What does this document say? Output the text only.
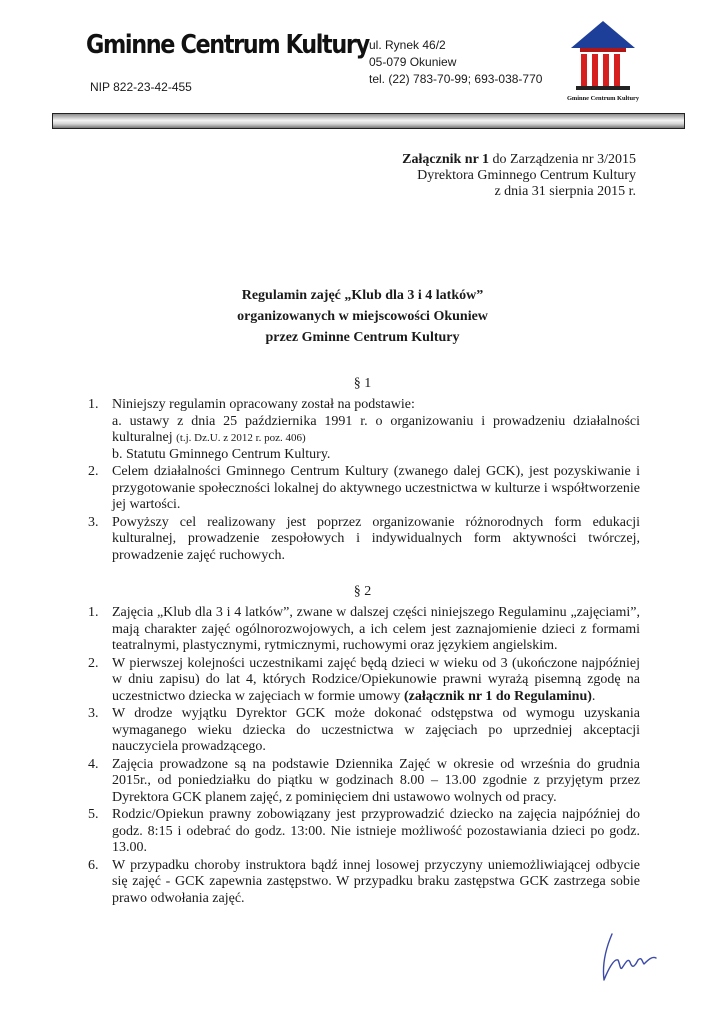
Gminne Centrum Kultury
NIP 822-23-42-455
ul. Rynek 46/2
05-079 Okuniew
tel. (22) 783-70-99; 693-038-770
Gminne Centrum Kultury
Załącznik nr 1 do Zarządzenia nr 3/2015
Dyrektora Gminnego Centrum Kultury
z dnia 31 sierpnia 2015 r.
Regulamin zajęć „Klub dla 3 i 4 latków”
organizowanych w miejscowości Okuniew
przez Gminne Centrum Kultury
§ 1
1. Niniejszy regulamin opracowany został na podstawie:

a. ustawy z dnia 25 października 1991 r. o organizowaniu i prowadzeniu działalności kulturalnej (t.j. Dz.U. z 2012 r. poz. 406)

b. Statutu Gminnego Centrum Kultury.

2. Celem działalności Gminnego Centrum Kultury (zwanego dalej GCK), jest pozyskiwanie i przygotowanie społeczności lokalnej do aktywnego uczestnictwa w kulturze i współtworzenie jej wartości.
3. Powyższy cel realizowany jest poprzez organizowanie różnorodnych form edukacji kulturalnej, prowadzenie zespołowych i indywidualnych form aktywności twórczej, prowadzenie zajęć ruchowych.
§ 2
1. Zajęcia „Klub dla 3 i 4 latków”, zwane w dalszej części niniejszego Regulaminu „zajęciami”, mają charakter zajęć ogólnorozwojowych, a ich celem jest zaznajomienie dzieci z formami teatralnymi, plastycznymi, rytmicznymi, ruchowymi oraz językiem angielskim.
2. W pierwszej kolejności uczestnikami zajęć będą dzieci w wieku od 3 (ukończone najpóźniej w dniu zapisu) do lat 4, których Rodzice/Opiekunowie prawni wyrażą pisemną zgodę na uczestnictwo dziecka w zajęciach w formie umowy (załącznik nr 1 do Regulaminu).
3. W drodze wyjątku Dyrektor GCK może dokonać odstępstwa od wymogu uzyskania wymaganego wieku dziecka do uczestnictwa w zajęciach po uprzedniej akceptacji nauczyciela prowadzącego.
4. Zajęcia prowadzone są na podstawie Dziennika Zajęć w okresie od września do grudnia 2015r., od poniedziałku do piątku w godzinach 8.00 – 13.00 zgodnie z przyjętym przez Dyrektora GCK planem zajęć, z pominięciem dni ustawowo wolnych od pracy.
5. Rodzic/Opiekun prawny zobowiązany jest przyprowadzić dziecko na zajęcia najpóźniej do godz. 8:15 i odebrać do godz. 13:00. Nie istnieje możliwość pozostawiania dzieci po godz. 13.00.
6. W przypadku choroby instruktora bądź innej losowej przyczyny uniemożliwiającej odbycie się zajęć - GCK zapewnia zastępstwo. W przypadku braku zastępstwa GCK zastrzega sobie prawo odwołania zajęć.
